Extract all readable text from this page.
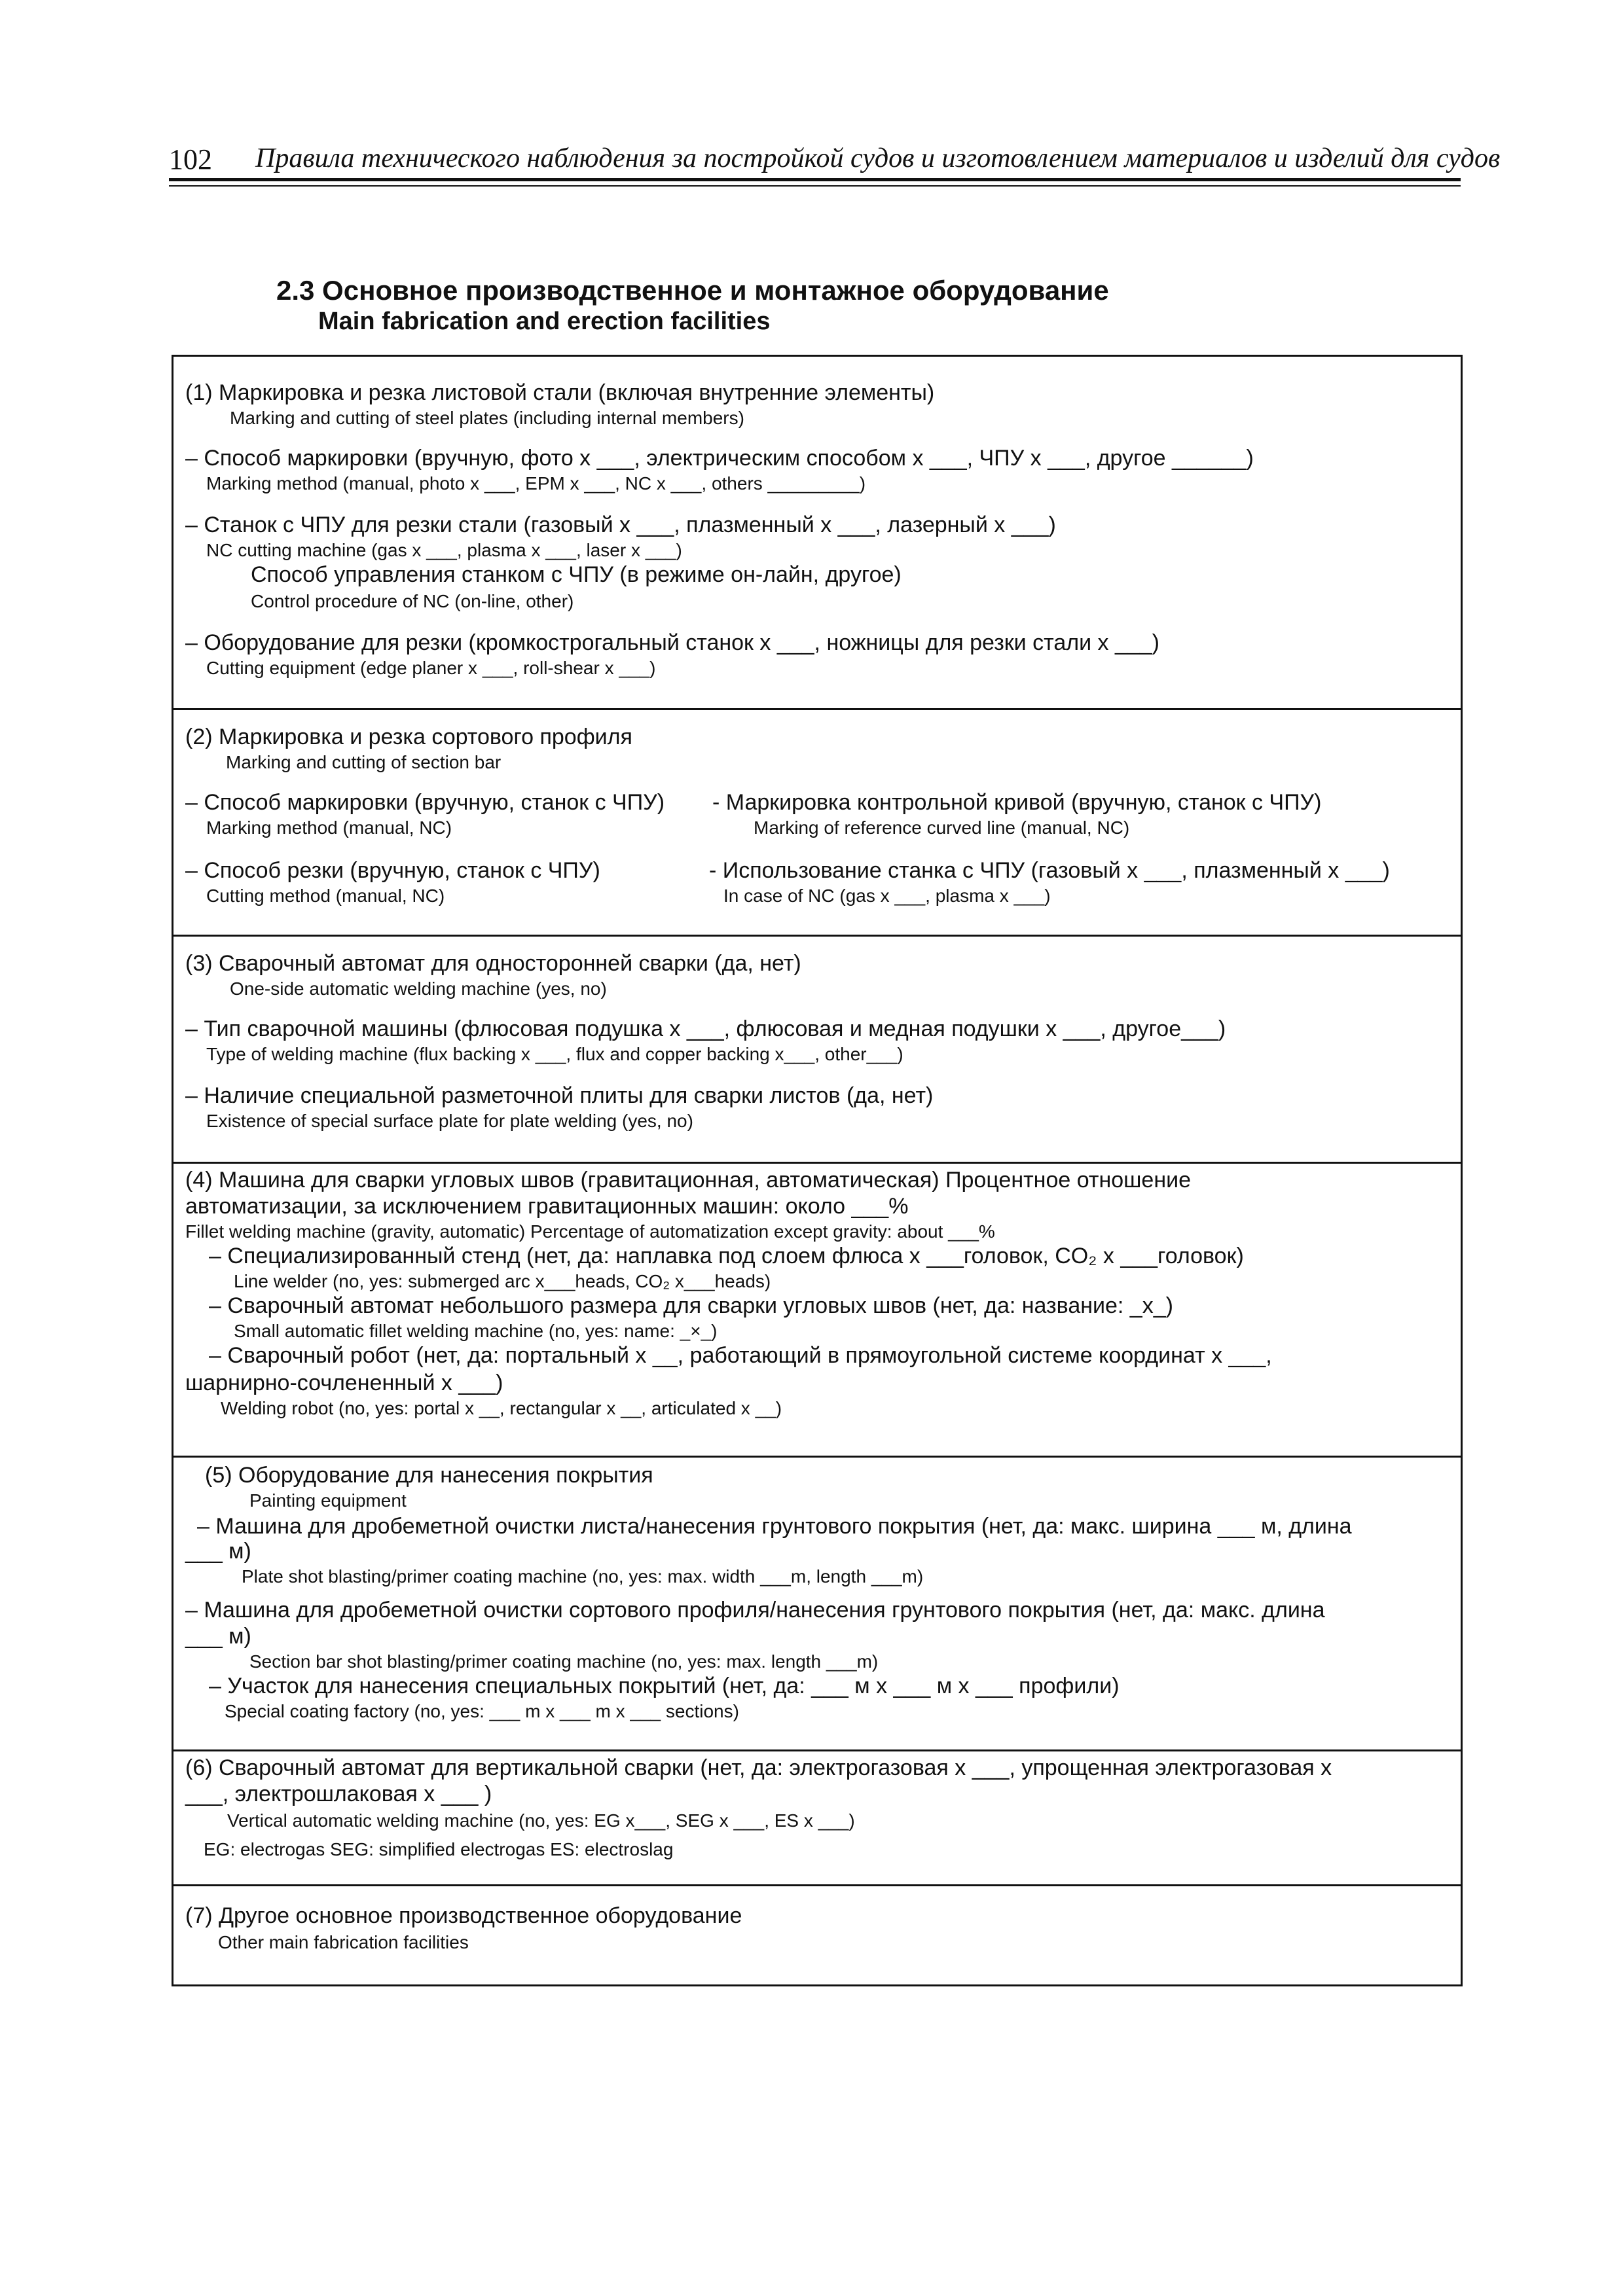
102 Правила технического наблюдения за постройкой судов и изготовлением материалов и изделий для судов
2.3 Основное производственное и монтажное оборудование
Main fabrication and erection facilities
(1) Маркировка и резка листовой стали (включая внутренние элементы)
Marking and cutting of steel plates (including internal members)
– Способ маркировки (вручную, фото х ___, электрическим способом х ___, ЧПУ х ___, другое ______)
Marking method (manual, photo x ___, EPM x ___, NC x ___, others _________)
– Станок с ЧПУ для резки стали (газовый х ___, плазменный х ___, лазерный х ___)
NC cutting machine (gas x ___, plasma x ___, laser x ___)
Способ управления станком с ЧПУ (в режиме он-лайн, другое)
Control procedure of NC (on-line, other)
– Оборудование для резки (кромкострогальный станок х ___, ножницы для резки стали х ___)
Cutting equipment (edge planer x ___, roll-shear x ___)
(2) Маркировка и резка сортового профиля
Marking and cutting of section bar
– Способ маркировки (вручную, станок с ЧПУ) - Маркировка контрольной кривой (вручную, станок с ЧПУ)
Marking method (manual, NC)	Marking of reference curved line (manual, NC)
– Способ резки (вручную, станок с ЧПУ)	- Использование станка с ЧПУ (газовый х ___, плазменный х ___)
Cutting method (manual, NC)	In case of NC (gas x ___, plasma x ___)
(3) Сварочный автомат для односторонней сварки (да, нет)
One-side automatic welding machine (yes, no)
– Тип сварочной машины (флюсовая подушка х ___, флюсовая и медная подушки х ___, другое___)
Type of welding machine (flux backing x ___, flux and copper backing x___, other___)
– Наличие специальной разметочной плиты для сварки листов (да, нет)
Existence of special surface plate for plate welding (yes, no)
(4) Машина для сварки угловых швов (гравитационная, автоматическая) Процентное отношение
автоматизации, за исключением гравитационных машин: около ___%
Fillet welding machine (gravity, automatic) Percentage of automatization except gravity: about ___%
– Специализированный стенд (нет, да: наплавка под слоем флюса х ___головок, CO₂ х ___головок)
Line welder (no, yes: submerged arc x___heads, CO₂ x___heads)
– Сварочный автомат небольшого размера для сварки угловых швов (нет, да: название: _х_)
Small automatic fillet welding machine (no, yes: name: _×_)
– Сварочный робот (нет, да: портальный х __, работающий в прямоугольной системе координат х ___,
шарнирно-сочлененный х ___)
Welding robot (no, yes: portal x __, rectangular x __, articulated x __)
(5) Оборудование для нанесения покрытия
Painting equipment
– Машина для дробеметной очистки листа/нанесения грунтового покрытия (нет, да: макс. ширина ___ м, длина
___ м)
Plate shot blasting/primer coating machine (no, yes: max. width ___m, length ___m)
– Машина для дробеметной очистки сортового профиля/нанесения грунтового покрытия (нет, да: макс. длина
___ м)
Section bar shot blasting/primer coating machine (no, yes: max. length ___m)
– Участок для нанесения специальных покрытий (нет, да: ___ м х ___ м х ___ профили)
Special coating factory (no, yes: ___ m x ___ m x ___ sections)
(6) Сварочный автомат для вертикальной сварки (нет, да: электрогазовая х ___, упрощенная электрогазовая х
___, электрошлаковая х ___ )
Vertical automatic welding machine (no, yes: EG x___, SEG x ___, ES x ___)
EG: electrogas SEG: simplified electrogas ES: electroslag
(7) Другое основное производственное оборудование
Other main fabrication facilities
